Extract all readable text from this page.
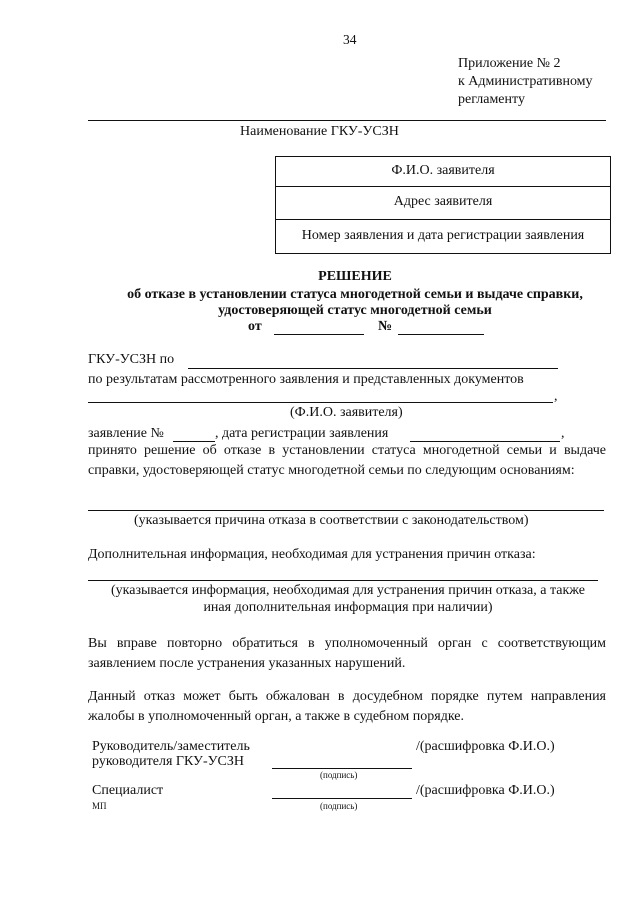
34
Приложение № 2
к Административному
регламенту
Наименование ГКУ-УСЗН
Ф.И.О. заявителя
Адрес заявителя
Номер заявления и дата регистрации заявления
РЕШЕНИЕ
об отказе в установлении статуса многодетной семьи и выдаче справки,
удостоверяющей статус многодетной семьи
от	№
ГКУ-УСЗН по
по результатам рассмотренного заявления и представленных документов
,
(Ф.И.О. заявителя)
заявление №	, дата регистрации заявления	,
принято решение об отказе в установлении статуса многодетной семьи и выдаче справки, удостоверяющей статус многодетной семьи по следующим основаниям:
(указывается причина отказа в соответствии с законодательством)
Дополнительная информация, необходимая для устранения причин отказа:
(указывается информация, необходимая для устранения причин отказа, а также
иная дополнительная информация при наличии)
Вы вправе повторно обратиться в уполномоченный орган с соответствующим заявлением после устранения указанных нарушений.
Данный отказ может быть обжалован в досудебном порядке путем направления жалобы в уполномоченный орган, а также в судебном порядке.
Руководитель/заместитель
руководителя ГКУ-УСЗН
/(расшифровка Ф.И.О.)
(подпись)
Специалист	/(расшифровка Ф.И.О.)
МП	(подпись)
